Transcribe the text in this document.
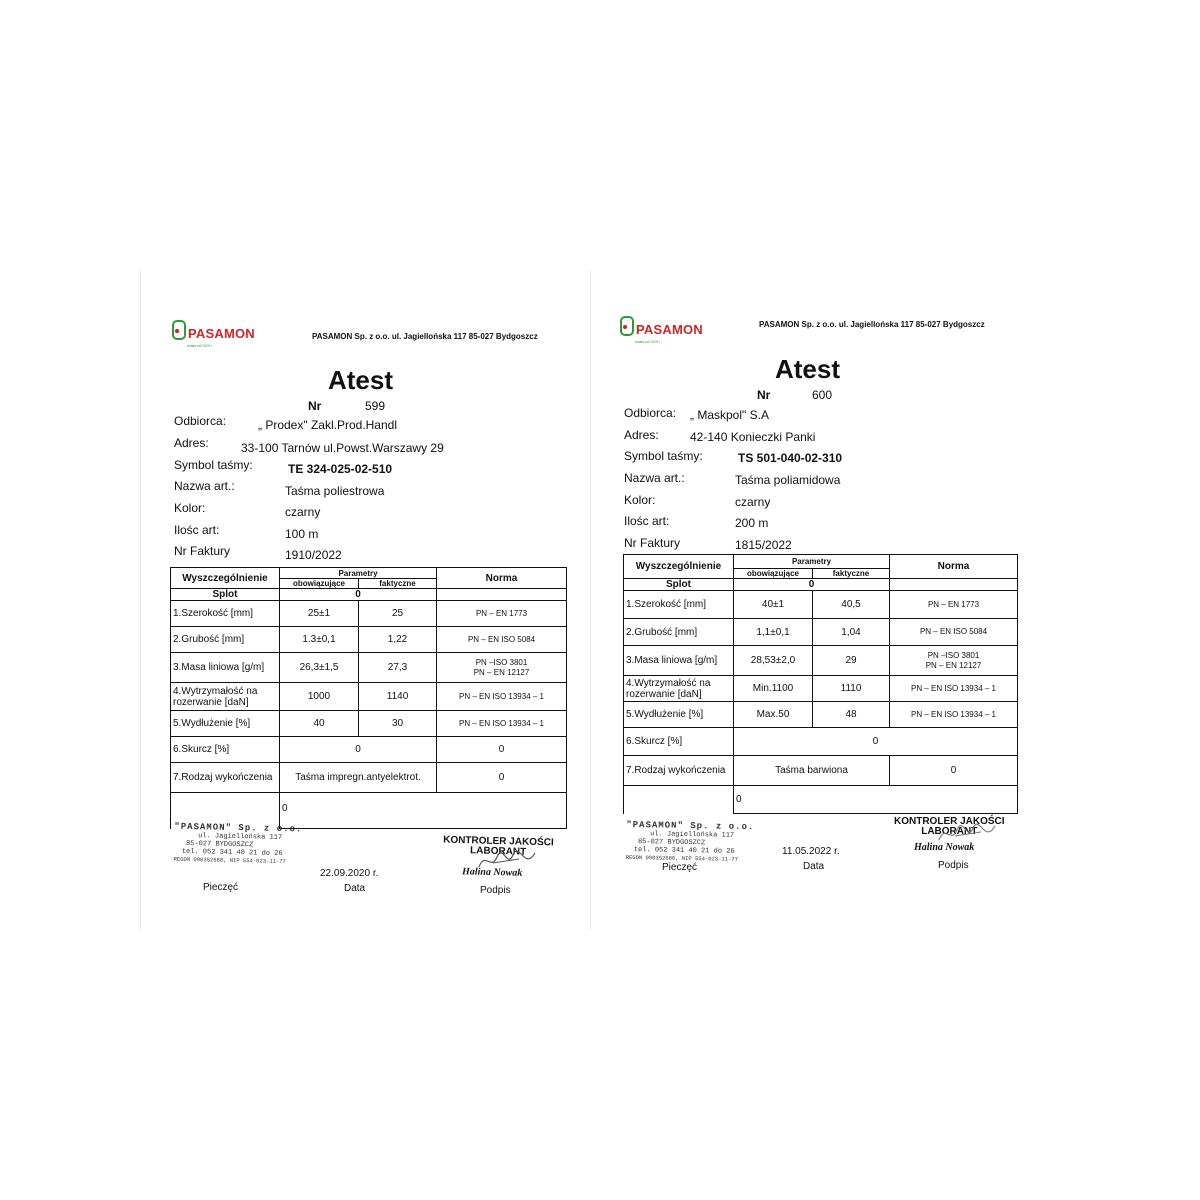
PASAMON
działa od 1929 r.
PASAMON Sp. z o.o. ul. Jagiellońska 117 85-027 Bydgoszcz
Atest
Nr	599
Odbiorca:	„ Prodex" Zakl.Prod.Handl
Adres:	33-100 Tarnów ul.Powst.Warszawy 29
Symbol taśmy:	TE 324-025-02-510
Nazwa art.:	Taśma poliestrowa
Kolor:	czarny
Ilośc art:	100 m
Nr Faktury	1910/2022
Wyszczególnienie	Parametry		Norma
	obowiązujące	faktyczne	
Splot	0		
1.Szerokość [mm]	25±1	25	PN – EN 1773
2.Grubość [mm]	1.3±0,1	1,22	PN – EN ISO 5084
3.Masa liniowa [g/m]	26,3±1,5	27,3	PN –ISO 3801
PN – EN 12127
4.Wytrzymałość na rozerwanie [daN]	1000	1140	PN – EN ISO 13934 – 1
5.Wydłużenie [%]	40	30	PN – EN ISO 13934 – 1
6.Skurcz [%]	0		0
7.Rodzaj wykończenia	Taśma impregn.antyelektrot.		0
	0		
"PASAMON" Sp. z o.o.
ul. Jagiellońska 117
85-027 BYDGOSZCZ
tel. 052 341 40 21 do 26
REGON 090352680, NIP 554-023-11-77
22.09.2020 r.
Pieczęć	Data
KONTROLER JAKOŚCI
LABORANT
Halina Nowak
Podpis
PASAMON
działa od 1929 r.
PASAMON Sp. z o.o. ul. Jagiellońska 117 85-027 Bydgoszcz
Atest
Nr	600
Odbiorca: „ Maskpol" S.A
Adres:	42-140 Konieczki Panki
Symbol taśmy:	TS 501-040-02-310
Nazwa art.:	Taśma poliamidowa
Kolor:	czarny
Ilośc art:	200 m
Nr Faktury	1815/2022
Wyszczególnienie	Parametry		Norma
	obowiązujące	faktyczne	
Splot	0		
1.Szerokość [mm]	40±1	40,5	PN – EN 1773
2.Grubość [mm]	1,1±0,1	1,04	PN – EN ISO 5084
3.Masa liniowa [g/m]	28,53±2,0	29	PN –ISO 3801
PN – EN 12127
4.Wytrzymałość na rozerwanie [daN]	Min.1100	1110	PN – EN ISO 13934 – 1
5.Wydłużenie [%]	Max.50	48	PN – EN ISO 13934 – 1
6.Skurcz [%]	0		
7.Rodzaj wykończenia	Taśma barwiona		0
	0		
"PASAMON" Sp. z o.o.
ul. Jagiellońska 117
85-027 BYDGOSZCZ
tel. 052 341 40 21 do 26
REGON 090352680, NIP 554-023-11-77
11.05.2022 r.
Pieczęć	Data
KONTROLER JAKOŚCI
LABORANT
Halina Nowak
Podpis
